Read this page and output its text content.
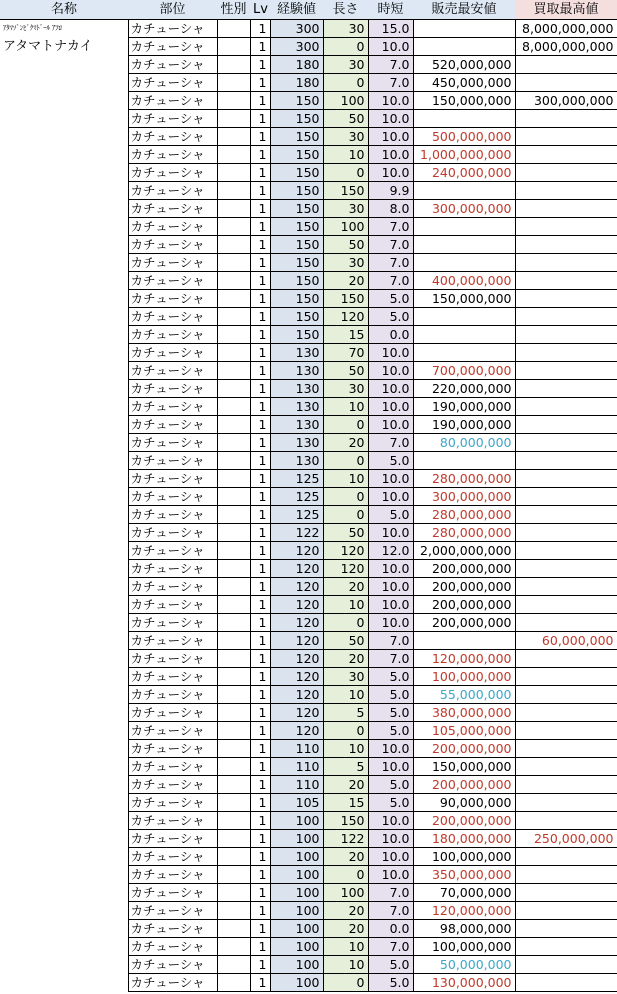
名称	部位	性別	Lv	経験値	長さ	時短	販売最安値	買取最高値
ｱﾀﾏｿﾞﾝﾋﾞｸﾏﾄﾞｰﾙ ｱﾌﾛ	カチューシャ		1	300	30	15.0		8,000,000,000
アタマトナカイ	カチューシャ		1	300	0	10.0		8,000,000,000
	カチューシャ		1	180	30	7.0	520,000,000	
	カチューシャ		1	180	0	7.0	450,000,000	
	カチューシャ		1	150	100	10.0	150,000,000	300,000,000
	カチューシャ		1	150	50	10.0		
	カチューシャ		1	150	30	10.0	500,000,000	
	カチューシャ		1	150	10	10.0	1,000,000,000	
	カチューシャ		1	150	0	10.0	240,000,000	
	カチューシャ		1	150	150	9.9		
	カチューシャ		1	150	30	8.0	300,000,000	
	カチューシャ		1	150	100	7.0		
	カチューシャ		1	150	50	7.0		
	カチューシャ		1	150	30	7.0		
	カチューシャ		1	150	20	7.0	400,000,000	
	カチューシャ		1	150	150	5.0	150,000,000	
	カチューシャ		1	150	120	5.0		
	カチューシャ		1	150	15	0.0		
	カチューシャ		1	130	70	10.0		
	カチューシャ		1	130	50	10.0	700,000,000	
	カチューシャ		1	130	30	10.0	220,000,000	
	カチューシャ		1	130	10	10.0	190,000,000	
	カチューシャ		1	130	0	10.0	190,000,000	
	カチューシャ		1	130	20	7.0	80,000,000	
	カチューシャ		1	130	0	5.0		
	カチューシャ		1	125	10	10.0	280,000,000	
	カチューシャ		1	125	0	10.0	300,000,000	
	カチューシャ		1	125	0	5.0	280,000,000	
	カチューシャ		1	122	50	10.0	280,000,000	
	カチューシャ		1	120	120	12.0	2,000,000,000	
	カチューシャ		1	120	120	10.0	200,000,000	
	カチューシャ		1	120	20	10.0	200,000,000	
	カチューシャ		1	120	10	10.0	200,000,000	
	カチューシャ		1	120	0	10.0	200,000,000	
	カチューシャ		1	120	50	7.0		60,000,000
	カチューシャ		1	120	20	7.0	120,000,000	
	カチューシャ		1	120	30	5.0	100,000,000	
	カチューシャ		1	120	10	5.0	55,000,000	
	カチューシャ		1	120	5	5.0	380,000,000	
	カチューシャ		1	120	0	5.0	105,000,000	
	カチューシャ		1	110	10	10.0	200,000,000	
	カチューシャ		1	110	5	10.0	150,000,000	
	カチューシャ		1	110	20	5.0	200,000,000	
	カチューシャ		1	105	15	5.0	90,000,000	
	カチューシャ		1	100	150	10.0	200,000,000	
	カチューシャ		1	100	122	10.0	180,000,000	250,000,000
	カチューシャ		1	100	20	10.0	100,000,000	
	カチューシャ		1	100	0	10.0	350,000,000	
	カチューシャ		1	100	100	7.0	70,000,000	
	カチューシャ		1	100	20	7.0	120,000,000	
	カチューシャ		1	100	20	0.0	98,000,000	
	カチューシャ		1	100	10	7.0	100,000,000	
	カチューシャ		1	100	10	5.0	50,000,000	
	カチューシャ		1	100	0	5.0	130,000,000	
